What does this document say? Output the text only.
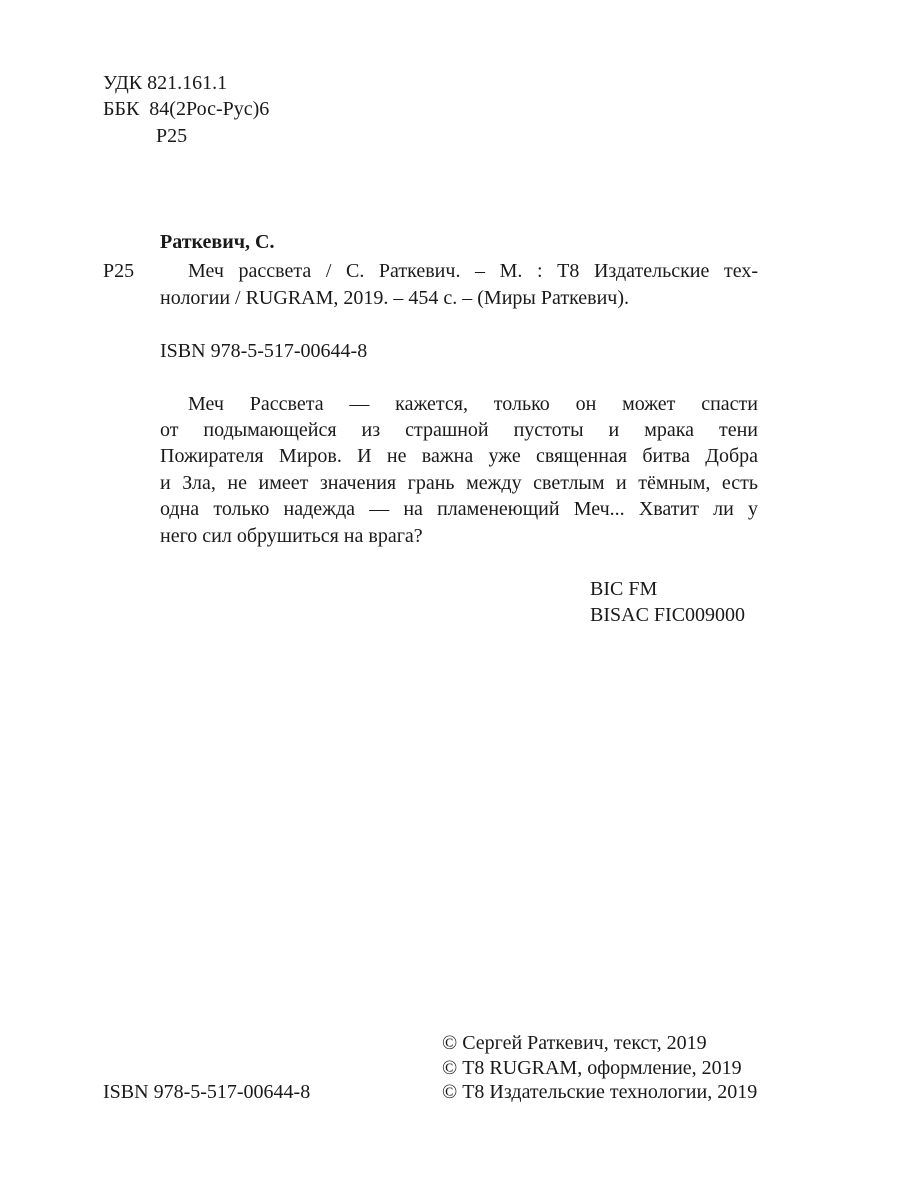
УДК 821.161.1
ББК  84(2Рос-Рус)6
Р25
Раткевич, С.
Р25	Меч рассвета / С. Раткевич. – М. : Т8 Издательские тех-
нологии / RUGRAM, 2019. – 454 с. – (Миры Раткевич).
ISBN 978-5-517-00644-8
Меч Рассвета — кажется, только он может спасти
от подымающейся из страшной пустоты и мрака тени
Пожирателя Миров. И не важна уже священная битва Добра
и Зла, не имеет значения грань между светлым и тёмным, есть
одна только надежда — на пламенеющий Меч... Хватит ли у
него сил обрушиться на врага?
BIC FM
BISAC FIC009000
© Сергей Раткевич, текст, 2019
© Т8 RUGRAM, оформление, 2019
© Т8 Издательские технологии, 2019
ISBN 978-5-517-00644-8
